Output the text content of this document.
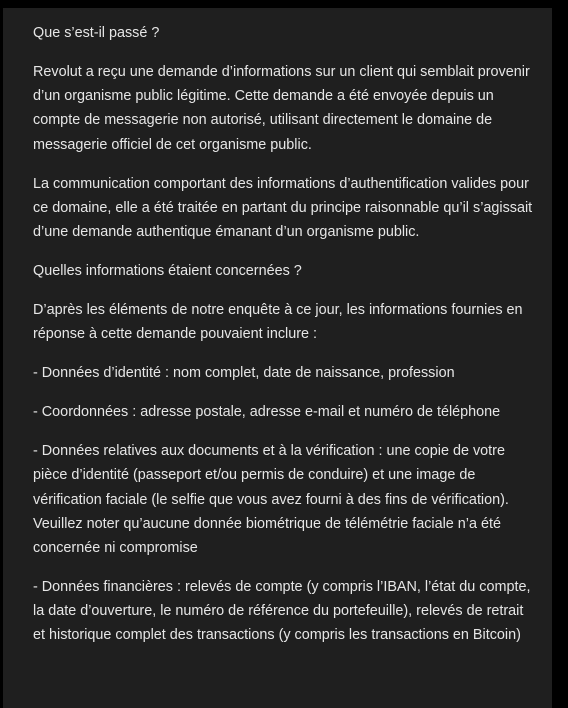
Que s’est-il passé ?

Revolut a reçu une demande d’informations sur un client qui semblait provenir d’un organisme public légitime. Cette demande a été envoyée depuis un compte de messagerie non autorisé, utilisant directement le domaine de messagerie officiel de cet organisme public.

La communication comportant des informations d’authentification valides pour ce domaine, elle a été traitée en partant du principe raisonnable qu’il s’agissait d’une demande authentique émanant d’un organisme public.

Quelles informations étaient concernées ?

D’après les éléments de notre enquête à ce jour, les informations fournies en réponse à cette demande pouvaient inclure :

- Données d’identité : nom complet, date de naissance, profession

- Coordonnées : adresse postale, adresse e-mail et numéro de téléphone

- Données relatives aux documents et à la vérification : une copie de votre pièce d’identité (passeport et/ou permis de conduire) et une image de vérification faciale (le selfie que vous avez fourni à des fins de vérification). Veuillez noter qu’aucune donnée biométrique de télémétrie faciale n’a été concernée ni compromise

- Données financières : relevés de compte (y compris l’IBAN, l’état du compte, la date d’ouverture, le numéro de référence du portefeuille), relevés de retrait et historique complet des transactions (y compris les transactions en Bitcoin)
